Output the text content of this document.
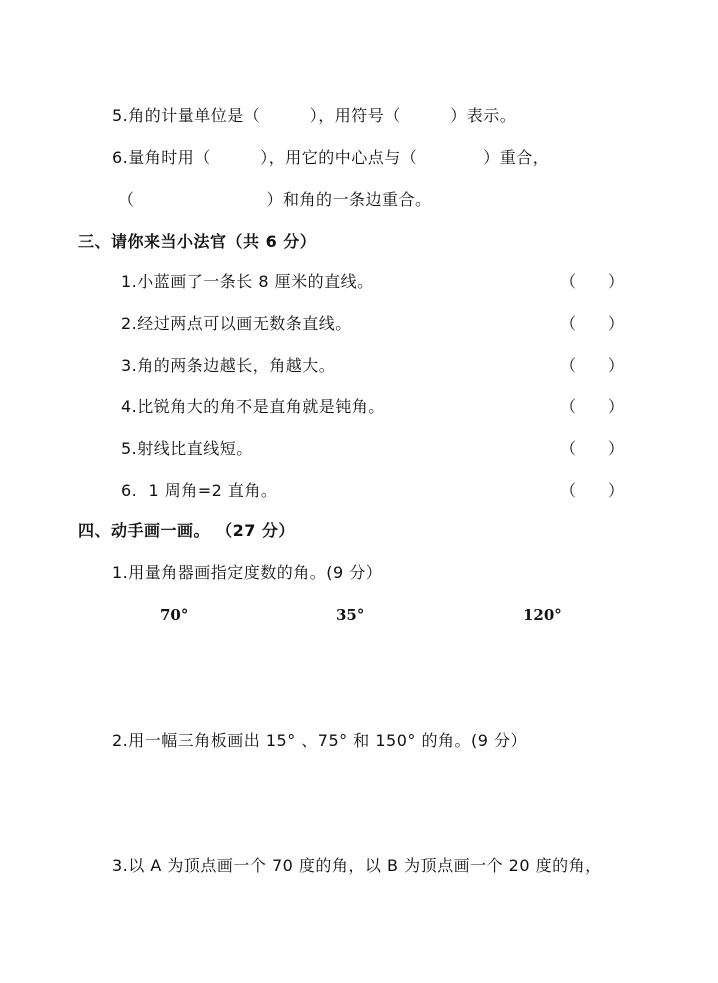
5.角的计量单位是（　　　），用符号（　　　）表示。
6.量角时用（　　　），用它的中心点与（　　　　）重合，
（　　　　　　　　）和角的一条边重合。
三、请你来当小法官（共 6 分）
1.小蓝画了一条长 8 厘米的直线。	（　　）
2.经过两点可以画无数条直线。	（　　）
3.角的两条边越长，角越大。	（　　）
4.比锐角大的角不是直角就是钝角。	（　　）
5.射线比直线短。	（　　）
6.  1 周角=2 直角。	（　　）
四、动手画一画。 （27 分）
1.用量角器画指定度数的角。(9 分）
70°	35°	120°
2.用一幅三角板画出 15° 、75° 和 150° 的角。(9 分）
3.以 A 为顶点画一个 70 度的角，以 B 为顶点画一个 20 度的角，
